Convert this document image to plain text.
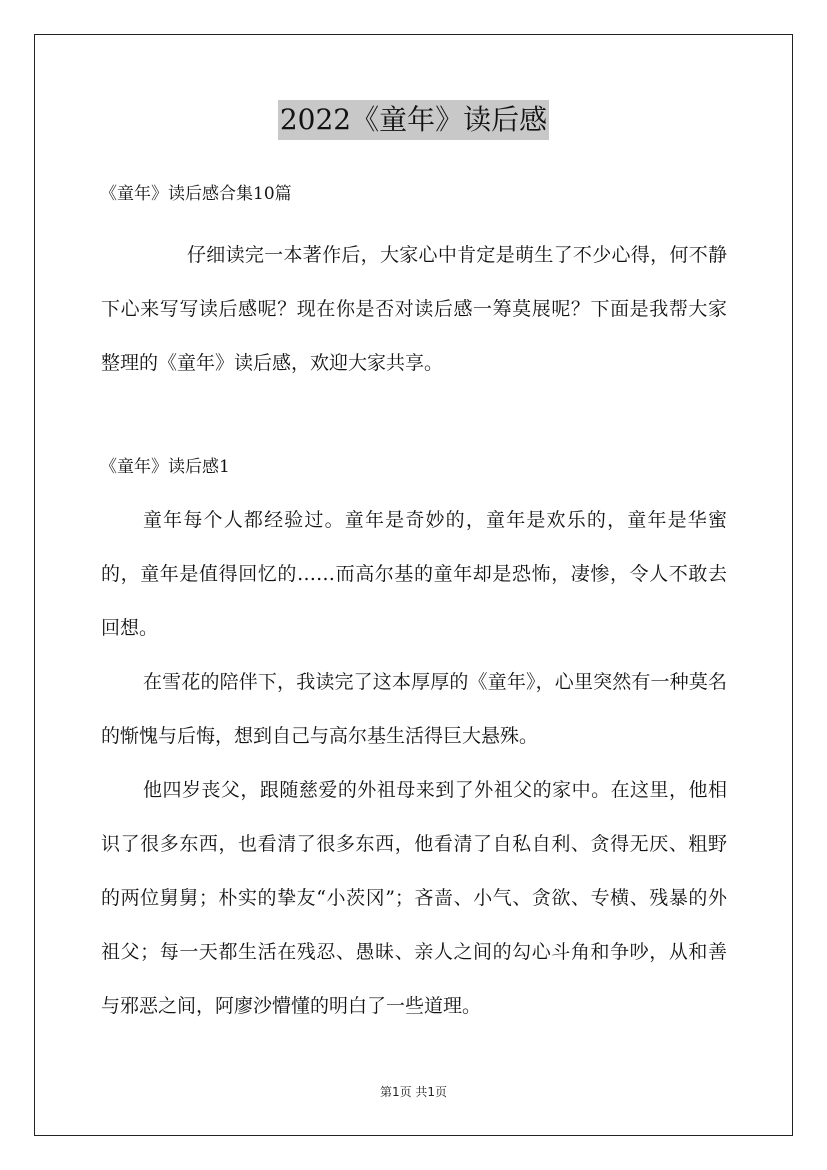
2022《童年》读后感
《童年》读后感合集10篇

仔细读完一本著作后，大家心中肯定是萌生了不少心得，何不静下心来写写读后感呢？现在你是否对读后感一筹莫展呢？下面是我帮大家整理的《童年》读后感，欢迎大家共享。

《童年》读后感1

童年每个人都经验过。童年是奇妙的，童年是欢乐的，童年是华蜜的，童年是值得回忆的……而高尔基的童年却是恐怖，凄惨，令人不敢去回想。

在雪花的陪伴下，我读完了这本厚厚的《童年》，心里突然有一种莫名的惭愧与后悔，想到自己与高尔基生活得巨大悬殊。

他四岁丧父，跟随慈爱的外祖母来到了外祖父的家中。在这里，他相识了很多东西，也看清了很多东西，他看清了自私自利、贪得无厌、粗野的两位舅舅；朴实的挚友“小茨冈”；吝啬、小气、贪欲、专横、残暴的外祖父；每一天都生活在残忍、愚昧、亲人之间的勾心斗角和争吵，从和善与邪恶之间，阿廖沙懵懂的明白了一些道理。

第1页 共1页
